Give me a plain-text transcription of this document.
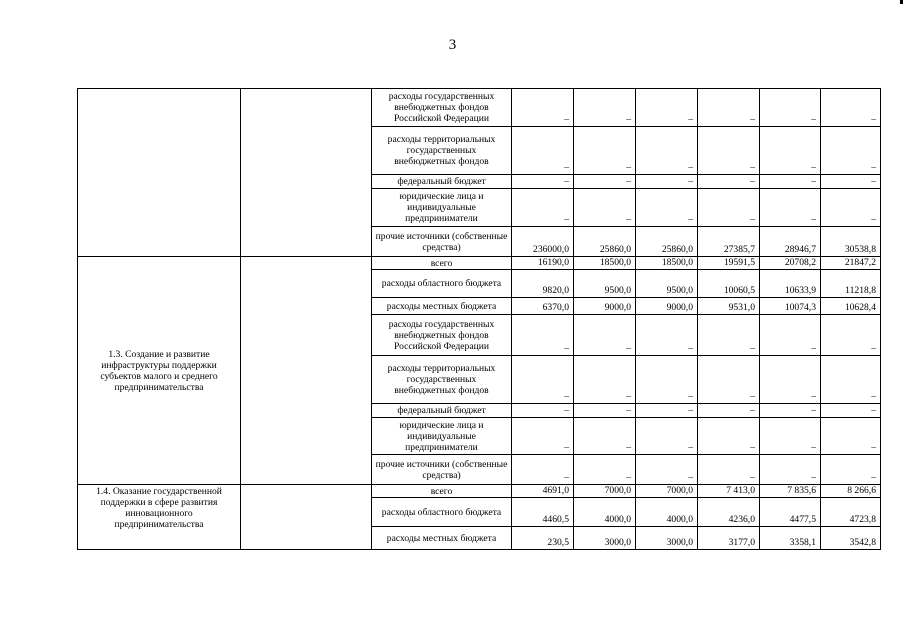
3
		расходы государственных внебюджетных фондов Российской Федерации	–	–	–	–	–	–
		расходы территориальных государственных внебюджетных фондов	–	–	–	–	–	–
		федеральный бюджет	–	–	–	–	–	–
		юридические лица и индивидуальные предприниматели	–	–	–	–	–	–
		прочие источники (собственные средства)	236000,0	25860,0	25860,0	27385,7	28946,7	30538,8
1.3. Создание и развитие инфраструктуры поддержки субъектов малого и среднего предпринимательства		всего	16190,0	18500,0	18500,0	19591,5	20708,2	21847,2
		расходы областного бюджета	9820,0	9500,0	9500,0	10060,5	10633,9	11218,8
		расходы местных бюджета	6370,0	9000,0	9000,0	9531,0	10074,3	10628,4
		расходы государственных внебюджетных фондов Российской Федерации	–	–	–	–	–	–
		расходы территориальных государственных внебюджетных фондов	–	–	–	–	–	–
		федеральный бюджет	–	–	–	–	–	–
		юридические лица и индивидуальные предприниматели	–	–	–	–	–	–
		прочие источники (собственные средства)	–	–	–	–	–	–
1.4. Оказание государственной поддержки в сфере развития инновационного предпринимательства		всего	4691,0	7000,0	7000,0	7 413,0	7 835,6	8 266,6
		расходы областного бюджета	4460,5	4000,0	4000,0	4236,0	4477,5	4723,8
		расходы местных бюджета	230,5	3000,0	3000,0	3177,0	3358,1	3542,8
